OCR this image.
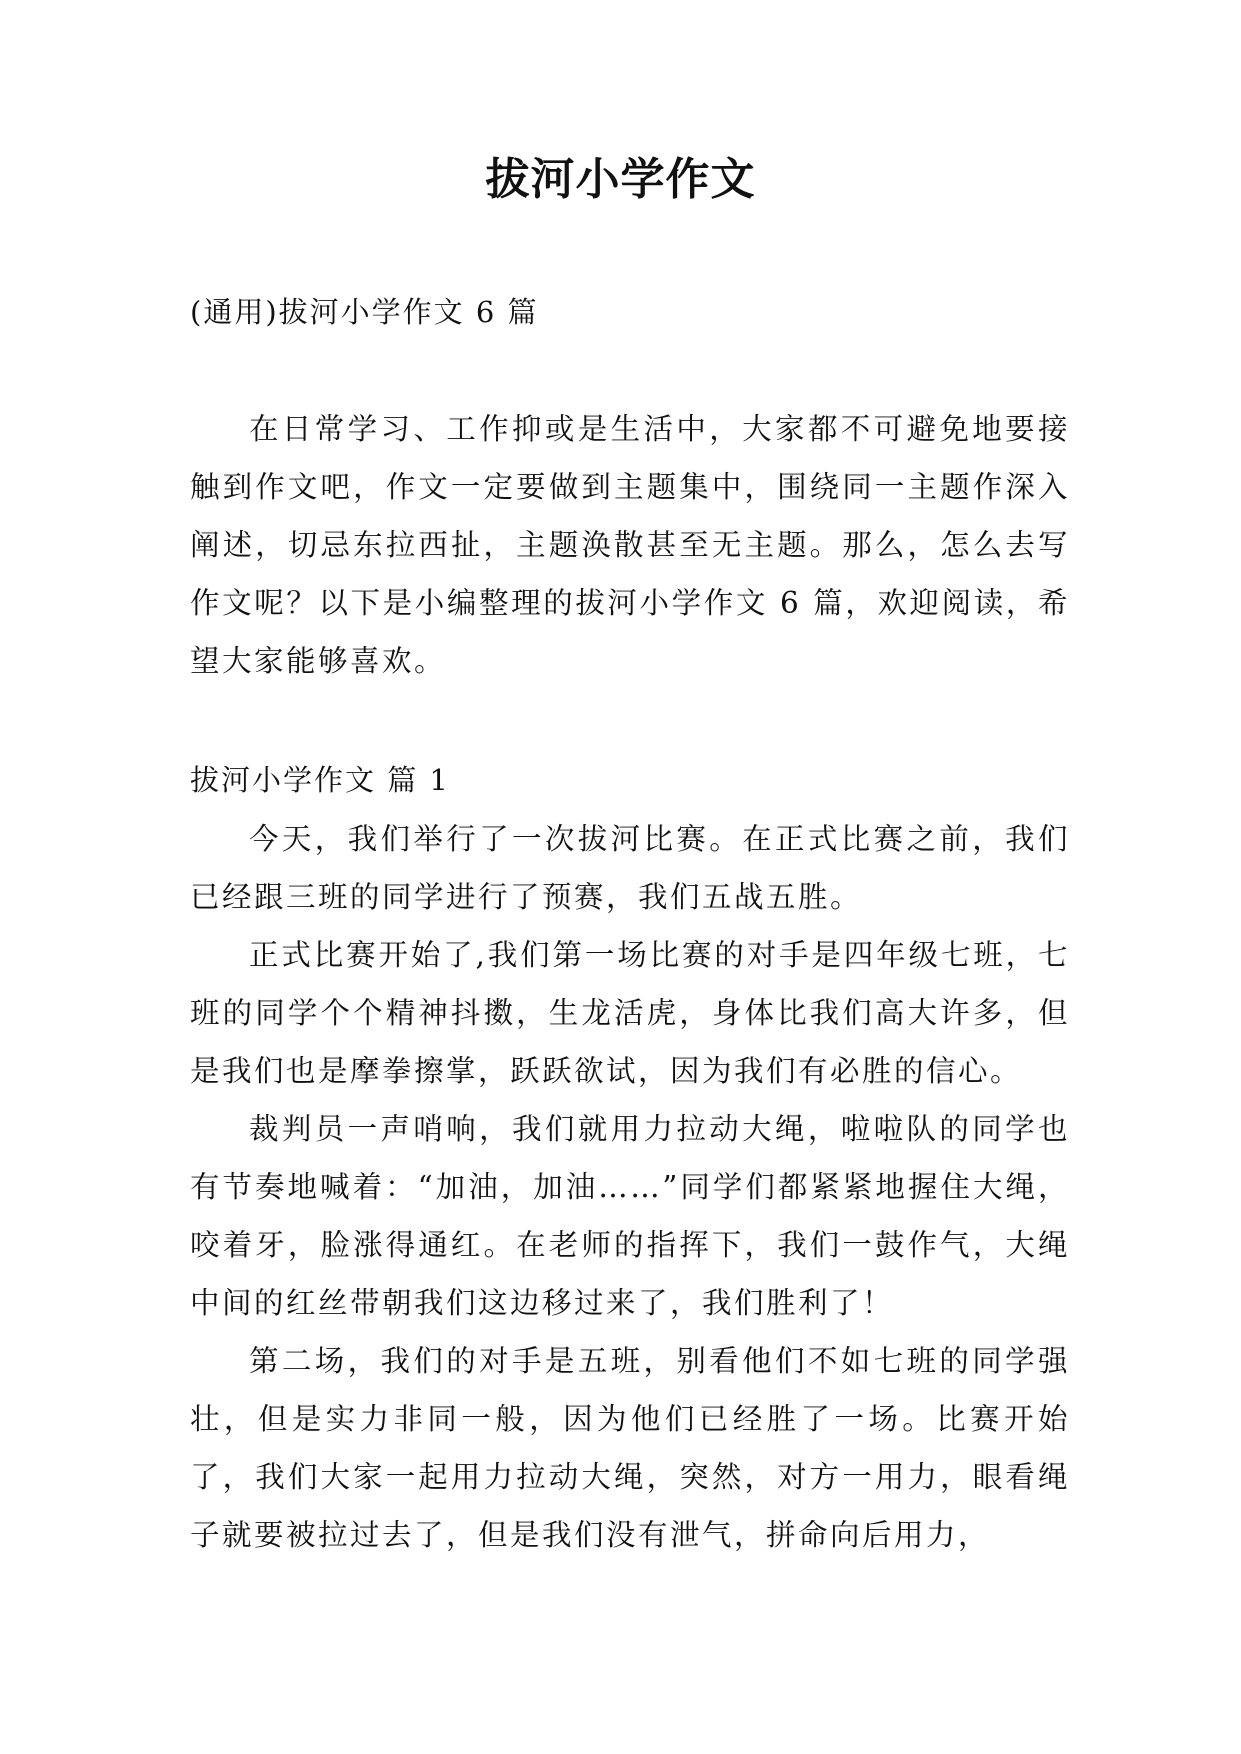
拔河小学作文

(通用)拔河小学作文 6 篇

在日常学习、工作抑或是生活中，大家都不可避免地要接触到作文吧，作文一定要做到主题集中，围绕同一主题作深入阐述，切忌东拉西扯，主题涣散甚至无主题。那么，怎么去写作文呢？以下是小编整理的拔河小学作文 6 篇，欢迎阅读，希望大家能够喜欢。

拔河小学作文 篇 1

今天，我们举行了一次拔河比赛。在正式比赛之前，我们已经跟三班的同学进行了预赛，我们五战五胜。

正式比赛开始了,我们第一场比赛的对手是四年级七班，七班的同学个个精神抖擞，生龙活虎，身体比我们高大许多，但是我们也是摩拳擦掌，跃跃欲试，因为我们有必胜的信心。

裁判员一声哨响，我们就用力拉动大绳，啦啦队的同学也有节奏地喊着：“加油，加油……”同学们都紧紧地握住大绳，咬着牙，脸涨得通红。在老师的指挥下，我们一鼓作气，大绳中间的红丝带朝我们这边移过来了，我们胜利了！

第二场，我们的对手是五班，别看他们不如七班的同学强壮，但是实力非同一般，因为他们已经胜了一场。比赛开始了，我们大家一起用力拉动大绳，突然，对方一用力，眼看绳子就要被拉过去了，但是我们没有泄气，拼命向后用力，
